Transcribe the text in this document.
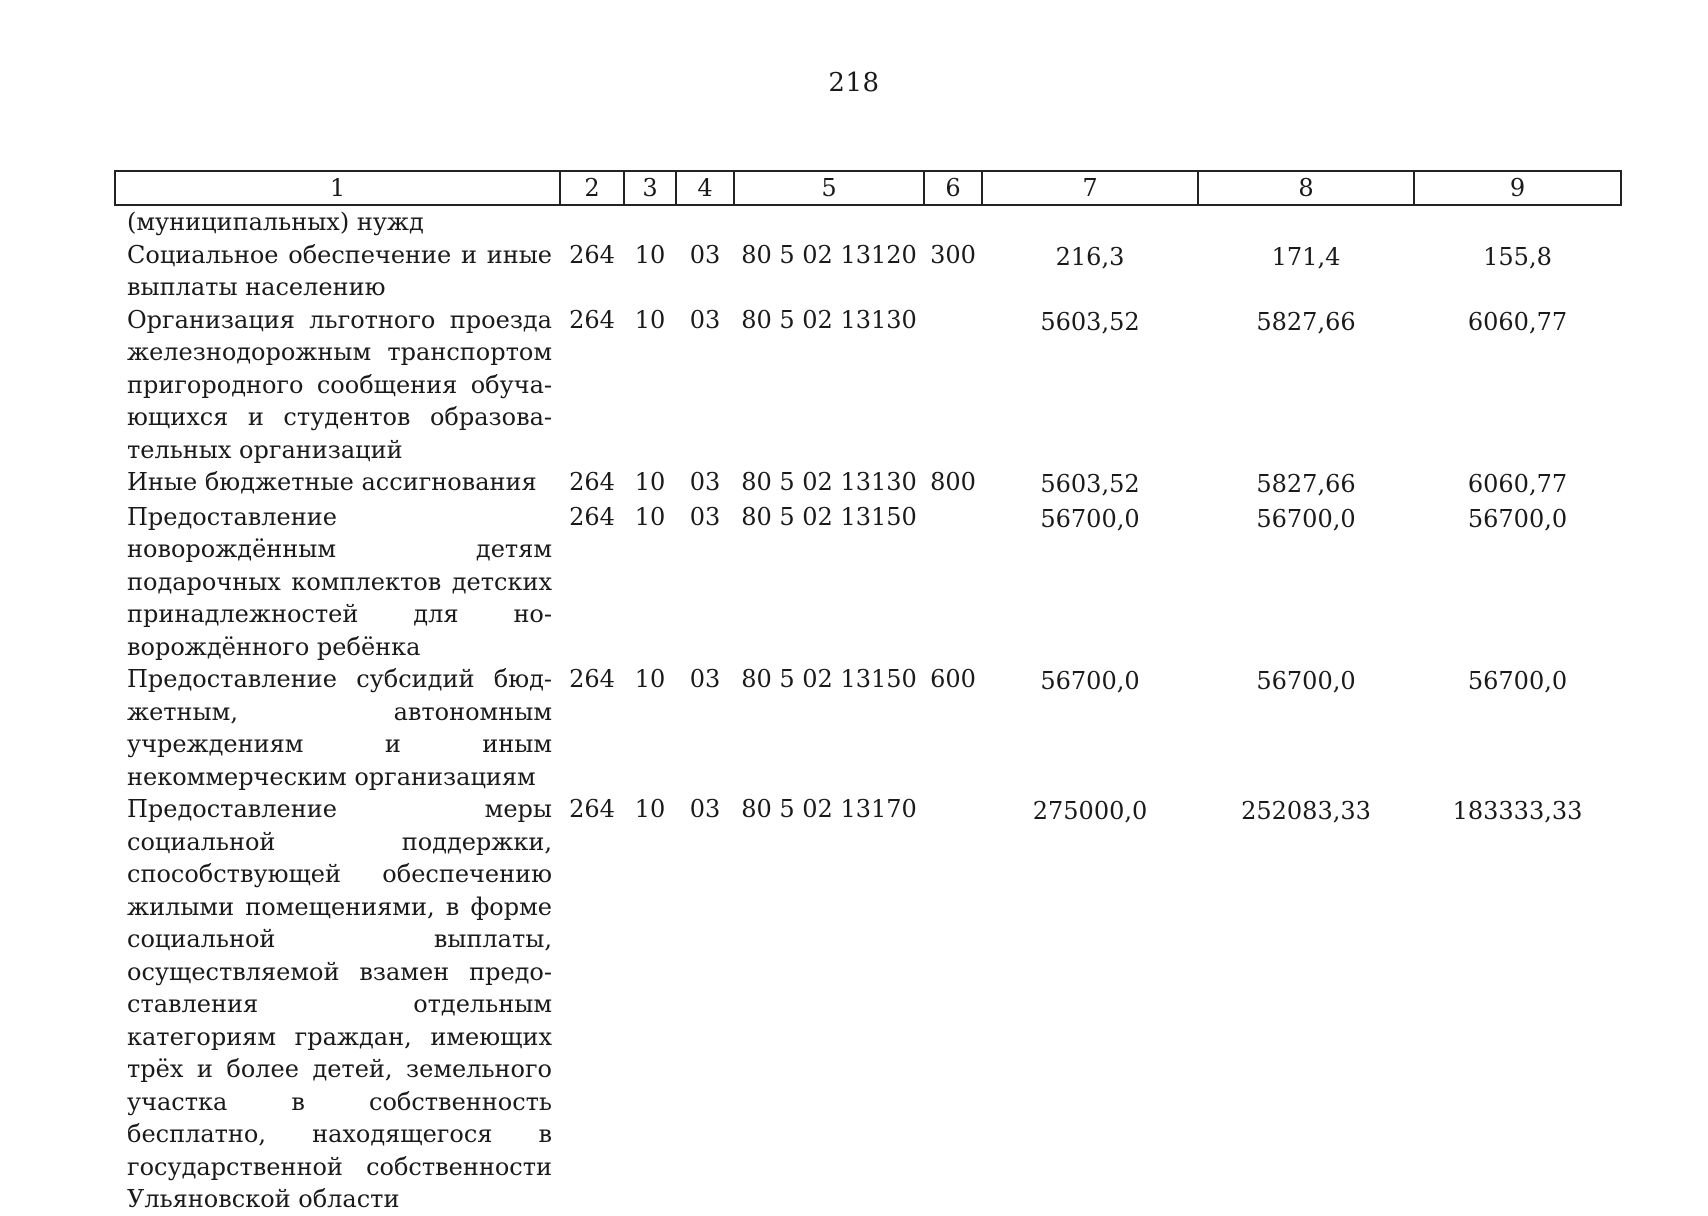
218
1	2	3	4	5	6	7	8	9
(муниципальных) нужд								
Социальное обеспечение и иные выплаты населению	264	10	03	80 5 02 13120	300	216,3	171,4	155,8
Организация льготного проезда железнодорожным транспортом пригородного сообщения обучающихся и студентов образовательных организаций	264	10	03	80 5 02 13130		5603,52	5827,66	6060,77
Иные бюджетные ассигнования	264	10	03	80 5 02 13130	800	5603,52	5827,66	6060,77
Предоставление новорождённым детям подарочных комплектов детских принадлежностей для новорождённого ребёнка	264	10	03	80 5 02 13150		56700,0	56700,0	56700,0
Предоставление субсидий бюджетным, автономным учреждениям и иным некоммерческим организациям	264	10	03	80 5 02 13150	600	56700,0	56700,0	56700,0
Предоставление меры социальной поддержки, способствующей обеспечению жилыми помещениями, в форме социальной выплаты, осуществляемой взамен предоставления отдельным категориям граждан, имеющих трёх и более детей, земельного участка в собственность бесплатно, находящегося в государственной собственности Ульяновской области	264	10	03	80 5 02 13170		275000,0	252083,33	183333,33
